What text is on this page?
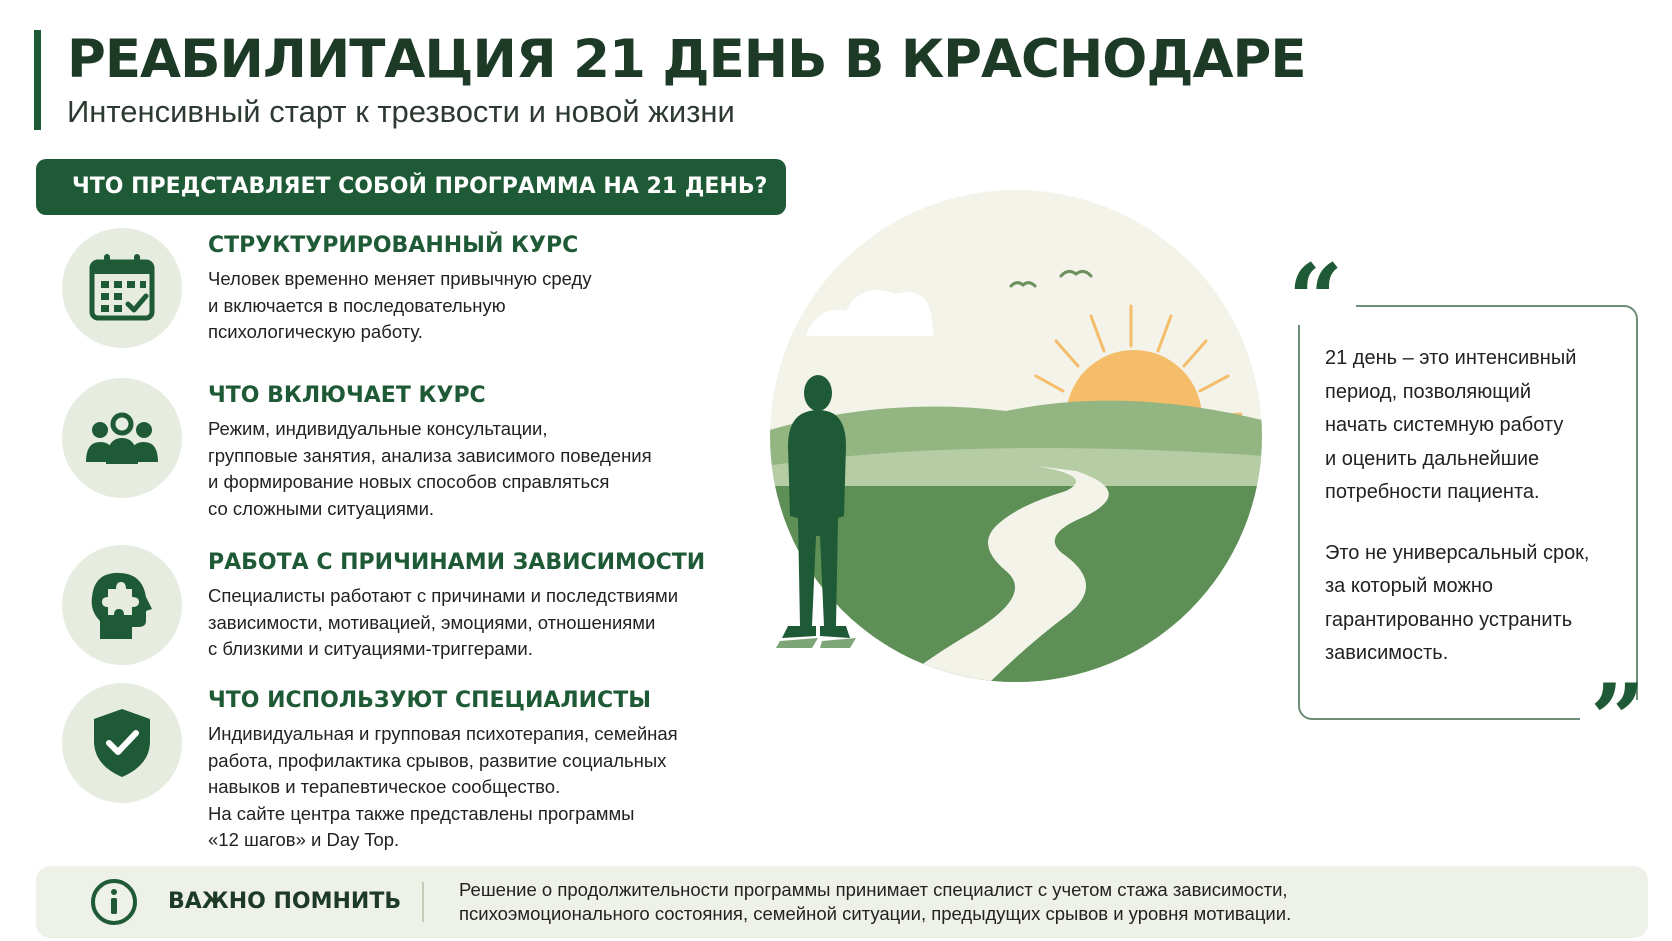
РЕАБИЛИТАЦИЯ 21 ДЕНЬ В КРАСНОДАРЕ
Интенсивный старт к трезвости и новой жизни
ЧТО ПРЕДСТАВЛЯЕТ СОБОЙ ПРОГРАММА НА 21 ДЕНЬ?
СТРУКТУРИРОВАННЫЙ КУРС
Человек временно меняет привычную среду
и включается в последовательную
психологическую работу.
ЧТО ВКЛЮЧАЕТ КУРС
Режим, индивидуальные консультации,
групповые занятия, анализа зависимого поведения
и формирование новых способов справляться
со сложными ситуациями.
РАБОТА С ПРИЧИНАМИ ЗАВИСИМОСТИ
Специалисты работают с причинами и последствиями
зависимости, мотивацией, эмоциями, отношениями
с близкими и ситуациями-триггерами.
ЧТО ИСПОЛЬЗУЮТ СПЕЦИАЛИСТЫ
Индивидуальная и групповая психотерапия, семейная
работа, профилактика срывов, развитие социальных
навыков и терапевтическое сообщество.
На сайте центра также представлены программы
«12 шагов» и Day Top.
“
”

21 день – это интенсивный
период, позволяющий
начать системную работу
и оценить дальнейшие
потребности пациента.

Это не универсальный срок,
за который можно
гарантированно устранить
зависимость.

ВАЖНО ПОМНИТЬ	Решение о продолжительности программы принимает специалист с учетом стажа зависимости,
психоэмоционального состояния, семейной ситуации, предыдущих срывов и уровня мотивации.
